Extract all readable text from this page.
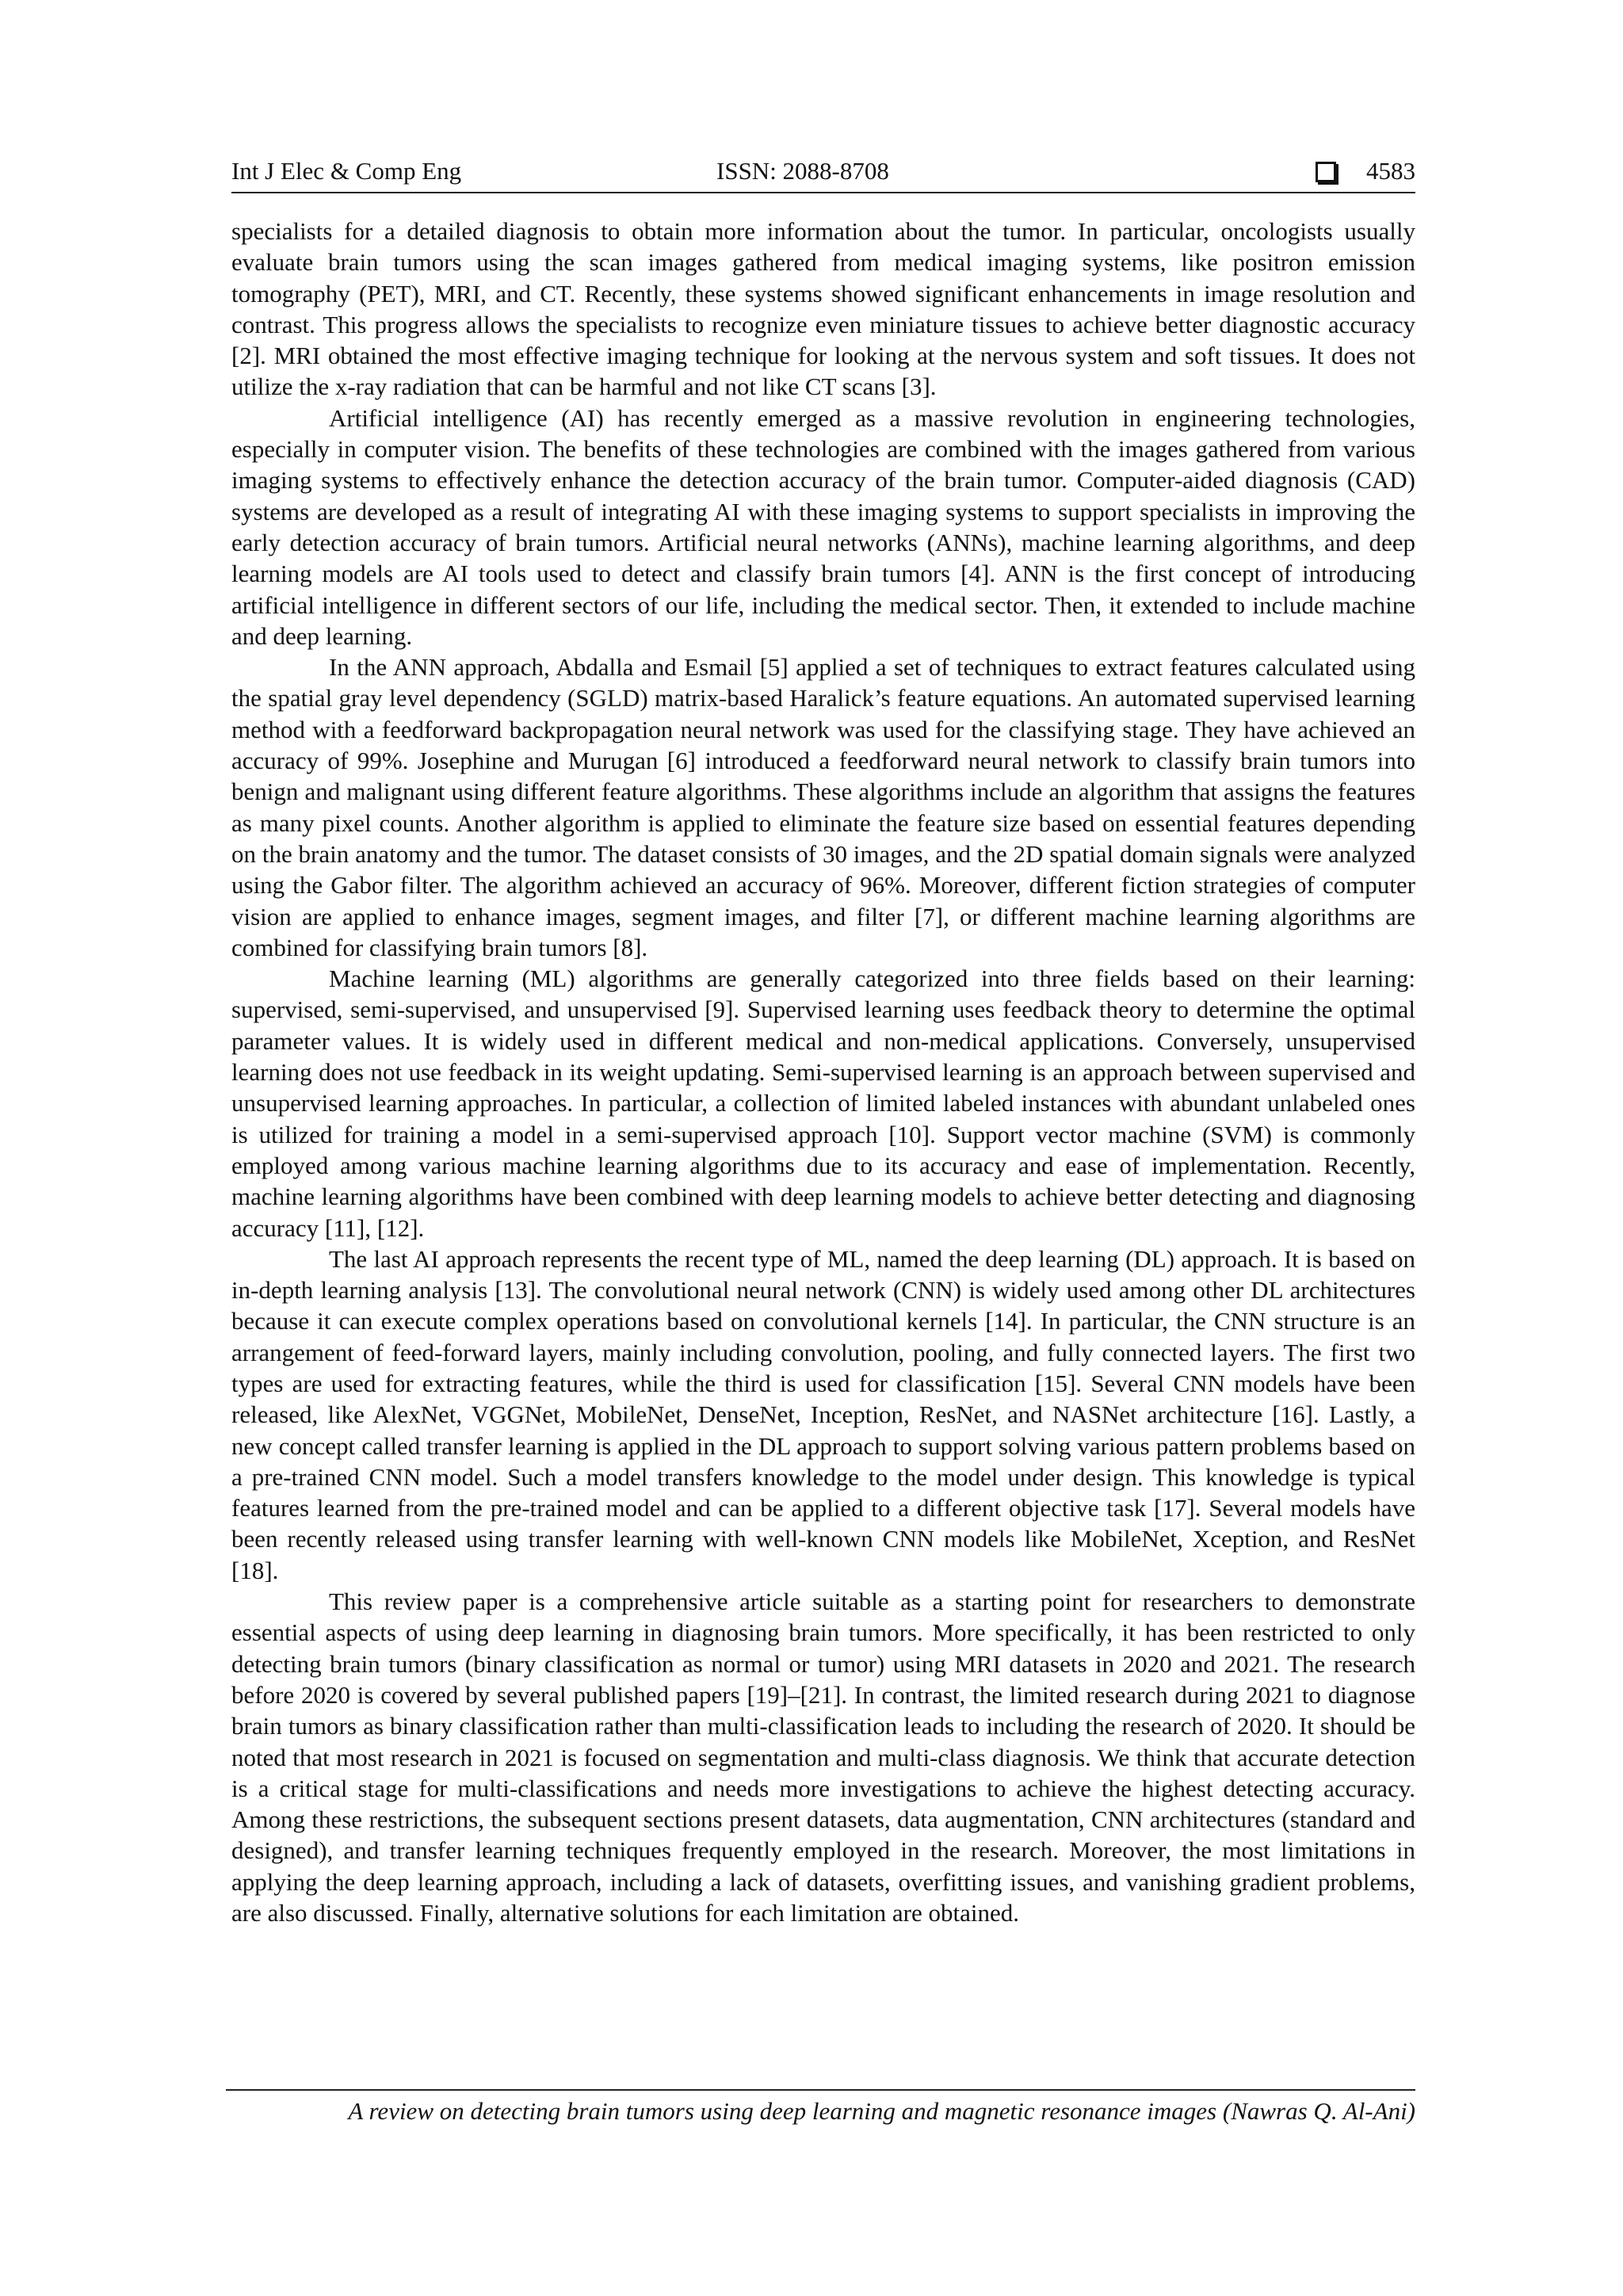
Int J Elec & Comp Eng	ISSN: 2088-8708	4583

specialists for a detailed diagnosis to obtain more information about the tumor. In particular, oncologists usually evaluate brain tumors using the scan images gathered from medical imaging systems, like positron emission tomography (PET), MRI, and CT. Recently, these systems showed significant enhancements in image resolution and contrast. This progress allows the specialists to recognize even miniature tissues to achieve better diagnostic accuracy [2]. MRI obtained the most effective imaging technique for looking at the nervous system and soft tissues. It does not utilize the x-ray radiation that can be harmful and not like CT scans [3].

Artificial intelligence (AI) has recently emerged as a massive revolution in engineering technologies, especially in computer vision. The benefits of these technologies are combined with the images gathered from various imaging systems to effectively enhance the detection accuracy of the brain tumor. Computer-aided diagnosis (CAD) systems are developed as a result of integrating AI with these imaging systems to support specialists in improving the early detection accuracy of brain tumors. Artificial neural networks (ANNs), machine learning algorithms, and deep learning models are AI tools used to detect and classify brain tumors [4]. ANN is the first concept of introducing artificial intelligence in different sectors of our life, including the medical sector. Then, it extended to include machine and deep learning.

In the ANN approach, Abdalla and Esmail [5] applied a set of techniques to extract features calculated using the spatial gray level dependency (SGLD) matrix-based Haralick’s feature equations. An automated supervised learning method with a feedforward backpropagation neural network was used for the classifying stage. They have achieved an accuracy of 99%. Josephine and Murugan [6] introduced a feedforward neural network to classify brain tumors into benign and malignant using different feature algorithms. These algorithms include an algorithm that assigns the features as many pixel counts. Another algorithm is applied to eliminate the feature size based on essential features depending on the brain anatomy and the tumor. The dataset consists of 30 images, and the 2D spatial domain signals were analyzed using the Gabor filter. The algorithm achieved an accuracy of 96%. Moreover, different fiction strategies of computer vision are applied to enhance images, segment images, and filter [7], or different machine learning algorithms are combined for classifying brain tumors [8].

Machine learning (ML) algorithms are generally categorized into three fields based on their learning: supervised, semi-supervised, and unsupervised [9]. Supervised learning uses feedback theory to determine the optimal parameter values. It is widely used in different medical and non-medical applications. Conversely, unsupervised learning does not use feedback in its weight updating. Semi-supervised learning is an approach between supervised and unsupervised learning approaches. In particular, a collection of limited labeled instances with abundant unlabeled ones is utilized for training a model in a semi-supervised approach [10]. Support vector machine (SVM) is commonly employed among various machine learning algorithms due to its accuracy and ease of implementation. Recently, machine learning algorithms have been combined with deep learning models to achieve better detecting and diagnosing accuracy [11], [12].

The last AI approach represents the recent type of ML, named the deep learning (DL) approach. It is based on in-depth learning analysis [13]. The convolutional neural network (CNN) is widely used among other DL architectures because it can execute complex operations based on convolutional kernels [14]. In particular, the CNN structure is an arrangement of feed-forward layers, mainly including convolution, pooling, and fully connected layers. The first two types are used for extracting features, while the third is used for classification [15]. Several CNN models have been released, like AlexNet, VGGNet, MobileNet, DenseNet, Inception, ResNet, and NASNet architecture [16]. Lastly, a new concept called transfer learning is applied in the DL approach to support solving various pattern problems based on a pre-trained CNN model. Such a model transfers knowledge to the model under design. This knowledge is typical features learned from the pre-trained model and can be applied to a different objective task [17]. Several models have been recently released using transfer learning with well-known CNN models like MobileNet, Xception, and ResNet [18].

This review paper is a comprehensive article suitable as a starting point for researchers to demonstrate essential aspects of using deep learning in diagnosing brain tumors. More specifically, it has been restricted to only detecting brain tumors (binary classification as normal or tumor) using MRI datasets in 2020 and 2021. The research before 2020 is covered by several published papers [19]–[21]. In contrast, the limited research during 2021 to diagnose brain tumors as binary classification rather than multi-classification leads to including the research of 2020. It should be noted that most research in 2021 is focused on segmentation and multi-class diagnosis. We think that accurate detection is a critical stage for multi-classifications and needs more investigations to achieve the highest detecting accuracy. Among these restrictions, the subsequent sections present datasets, data augmentation, CNN architectures (standard and designed), and transfer learning techniques frequently employed in the research. Moreover, the most limitations in applying the deep learning approach, including a lack of datasets, overfitting issues, and vanishing gradient problems, are also discussed. Finally, alternative solutions for each limitation are obtained.

A review on detecting brain tumors using deep learning and magnetic resonance images (Nawras Q. Al-Ani)
